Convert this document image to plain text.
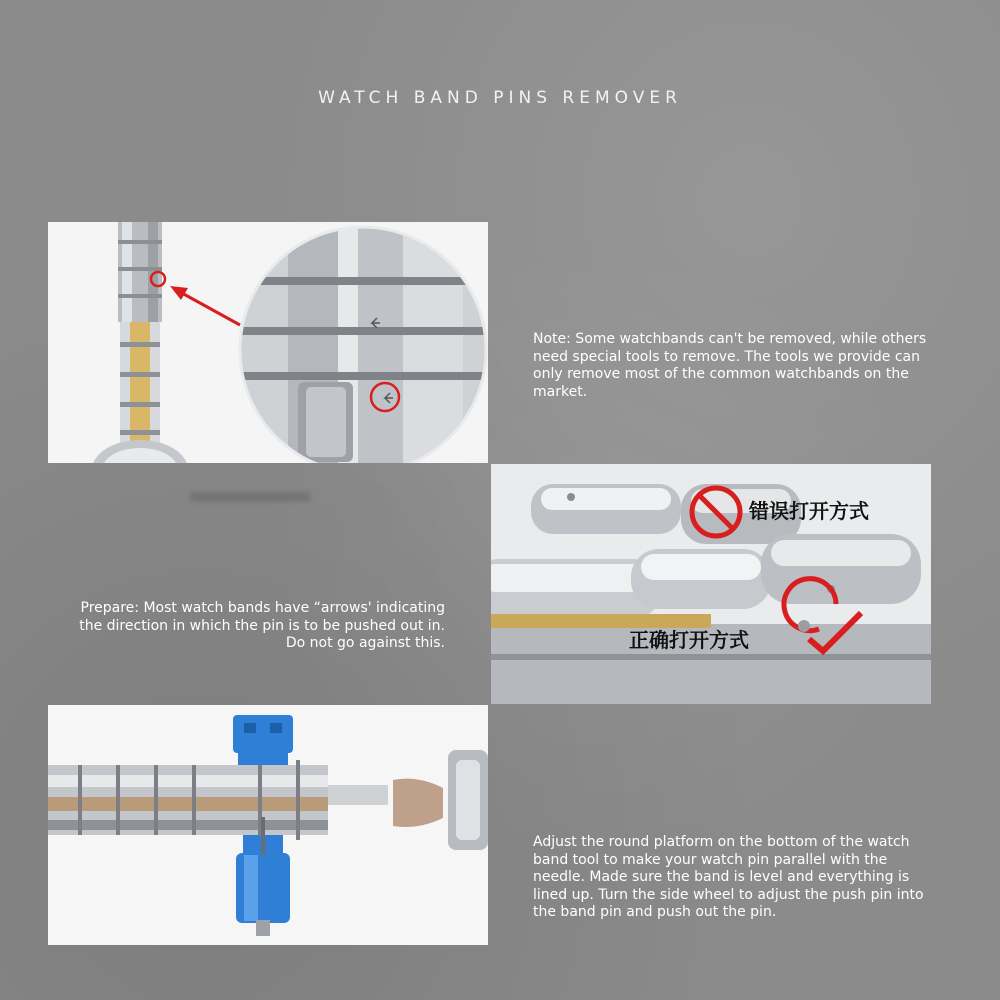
WATCH BAND PINS REMOVER
Note: Some watchbands can't be removed, while others need special tools to remove. The tools we provide can only remove most of the common watchbands on the market.
Prepare: Most watch bands have “arrows' indicating
the direction in which the pin is to be pushed out in.
Do not go against this.
错误打开方式
正确打开方式
Adjust the round platform on the bottom of the watch band tool to make your watch pin parallel with the needle. Made sure the band is level and everything is lined up. Turn the side wheel to adjust the push pin into the band pin and push out the pin.
